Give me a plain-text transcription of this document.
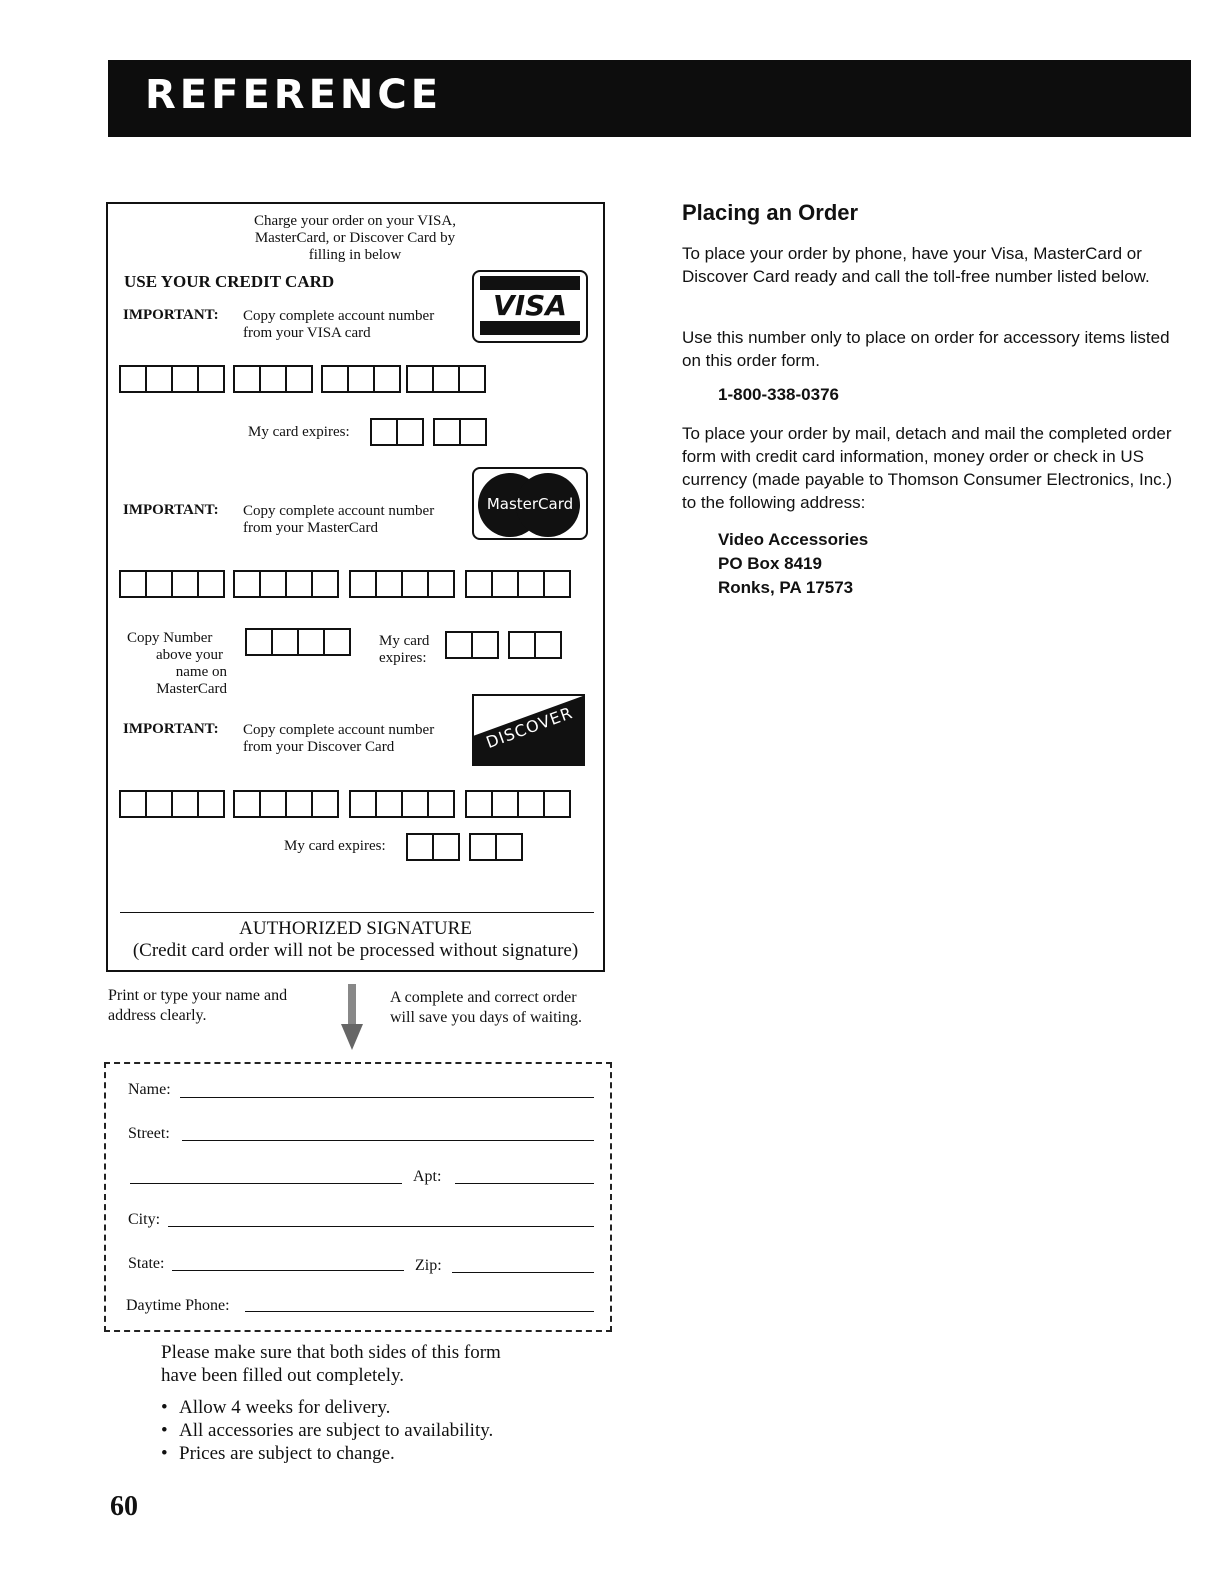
REFERENCE
Charge your order on your VISA,
MasterCard, or Discover Card by
filling in below
USE YOUR CREDIT CARD
IMPORTANT: Copy complete account number
from your VISA card
VISA
My card expires:
IMPORTANT: Copy complete account number
from your MasterCard
MasterCard
Copy Number
above your
name on
MasterCard
My card
expires:
IMPORTANT: Copy complete account number
from your Discover Card	DISCOVER
My card expires:
AUTHORIZED SIGNATURE
(Credit card order will not be processed without signature)
Print or type your name and
address clearly.
A complete and correct order
will save you days of waiting.
Name:
Street:
Apt:
City:
State:	Zip:
Daytime Phone:
Please make sure that both sides of this form
have been filled out completely.
• Allow 4 weeks for delivery.
• All accessories are subject to availability.
• Prices are subject to change.
60
Placing an Order
To place your order by phone, have your Visa, MasterCard or Discover Card ready and call the toll-free number listed below.
Use this number only to place on order for accessory items listed on this order form.
1-800-338-0376
To place your order by mail, detach and mail the completed order form with credit card information, money order or check in US currency (made payable to Thomson Consumer Electronics, Inc.) to the following address:
Video Accessories
PO Box 8419
Ronks, PA 17573
